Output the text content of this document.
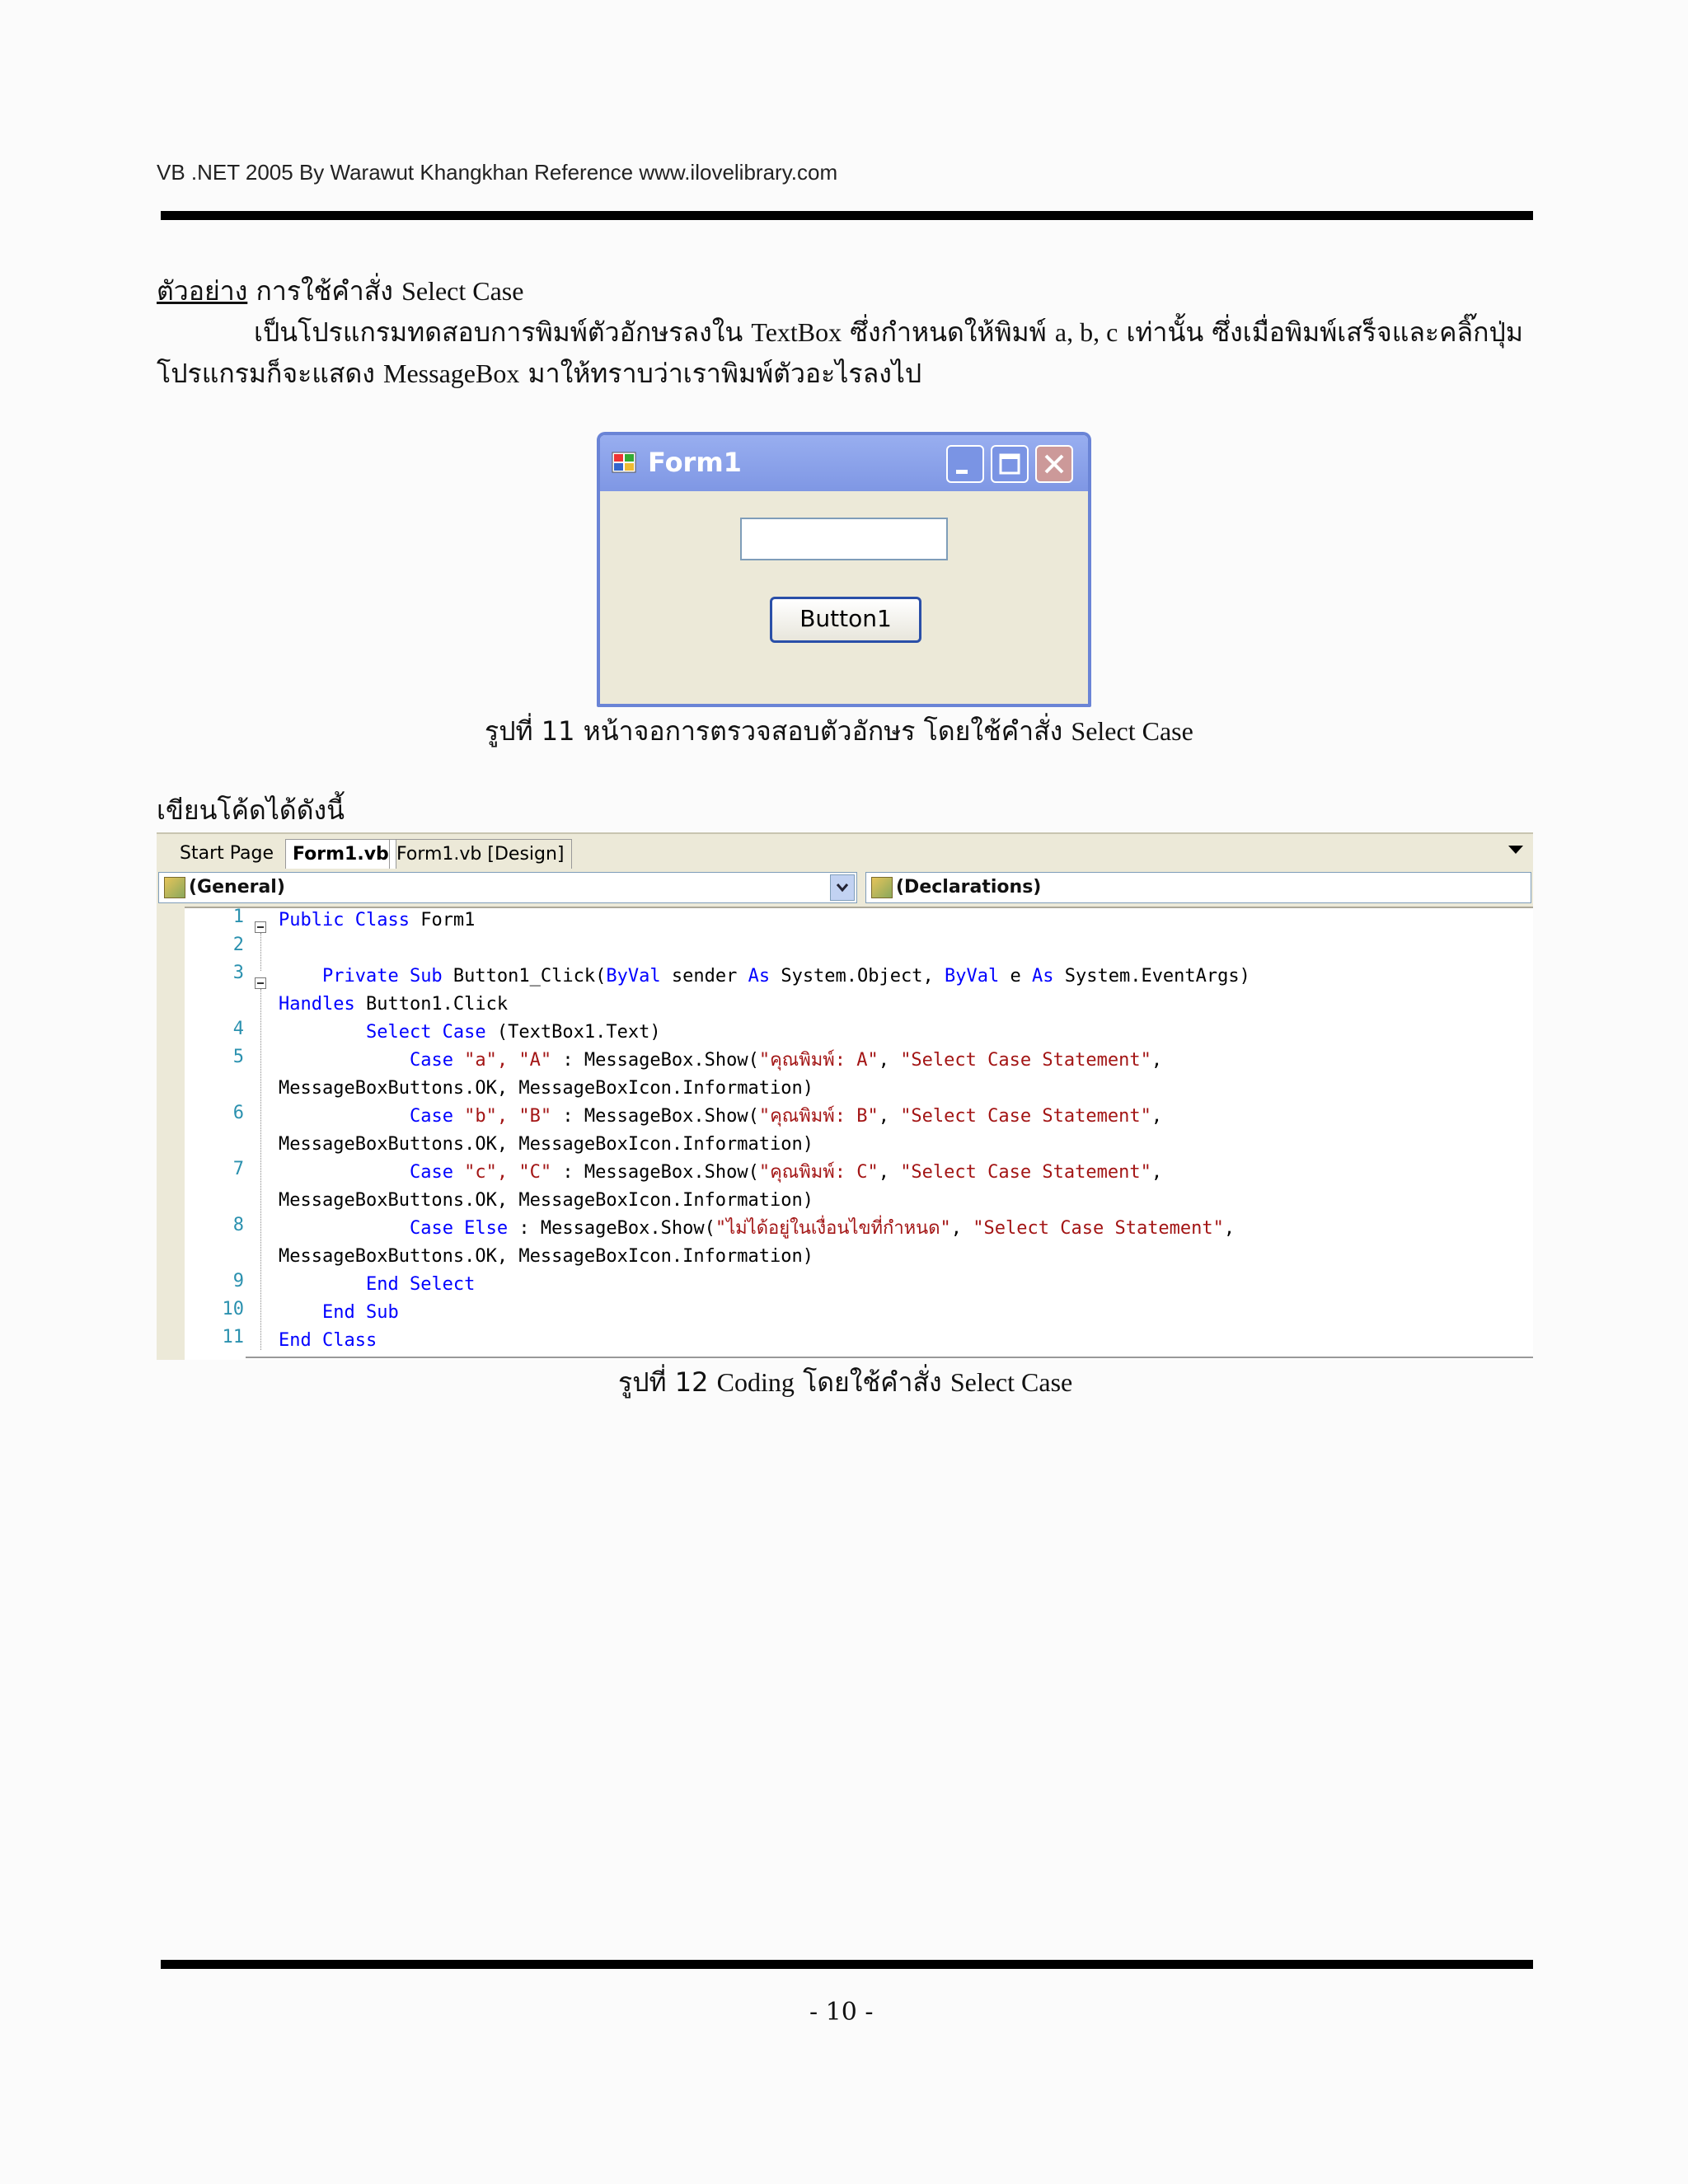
VB .NET 2005 By Warawut Khangkhan Reference www.ilovelibrary.com
ตัวอย่าง การใช้คำสั่ง Select Case
เป็นโปรแกรมทดสอบการพิมพ์ตัวอักษรลงใน TextBox ซึ่งกำหนดให้พิมพ์ a, b, c เท่านั้น ซึ่งเมื่อพิมพ์เสร็จและคลิ๊กปุ่ม
โปรแกรมก็จะแสดง MessageBox มาให้ทราบว่าเราพิมพ์ตัวอะไรลงไป
Form1
Button1
รูปที่ 11 หน้าจอการตรวจสอบตัวอักษร โดยใช้คำสั่ง Select Case
เขียนโค้ดได้ดังนี้
Start Page	Form1.vb Form1.vb [Design]
(General)	(Declarations)
1
2
3
4
5
6
7
8
9
10
11
Public Class Form1
Private Sub Button1_Click(ByVal sender As System.Object, ByVal e As System.EventArgs)
Handles Button1.Click
Select Case (TextBox1.Text)
Case "a", "A" : MessageBox.Show("คุณพิมพ์: A", "Select Case Statement",
MessageBoxButtons.OK, MessageBoxIcon.Information)
Case "b", "B" : MessageBox.Show("คุณพิมพ์: B", "Select Case Statement",
MessageBoxButtons.OK, MessageBoxIcon.Information)
Case "c", "C" : MessageBox.Show("คุณพิมพ์: C", "Select Case Statement",
MessageBoxButtons.OK, MessageBoxIcon.Information)
Case Else : MessageBox.Show("ไม่ได้อยู่ในเงื่อนไขที่กำหนด", "Select Case Statement",
MessageBoxButtons.OK, MessageBoxIcon.Information)
End Select
End Sub
End Class
รูปที่ 12 Coding โดยใช้คำสั่ง Select Case
- 10 -
